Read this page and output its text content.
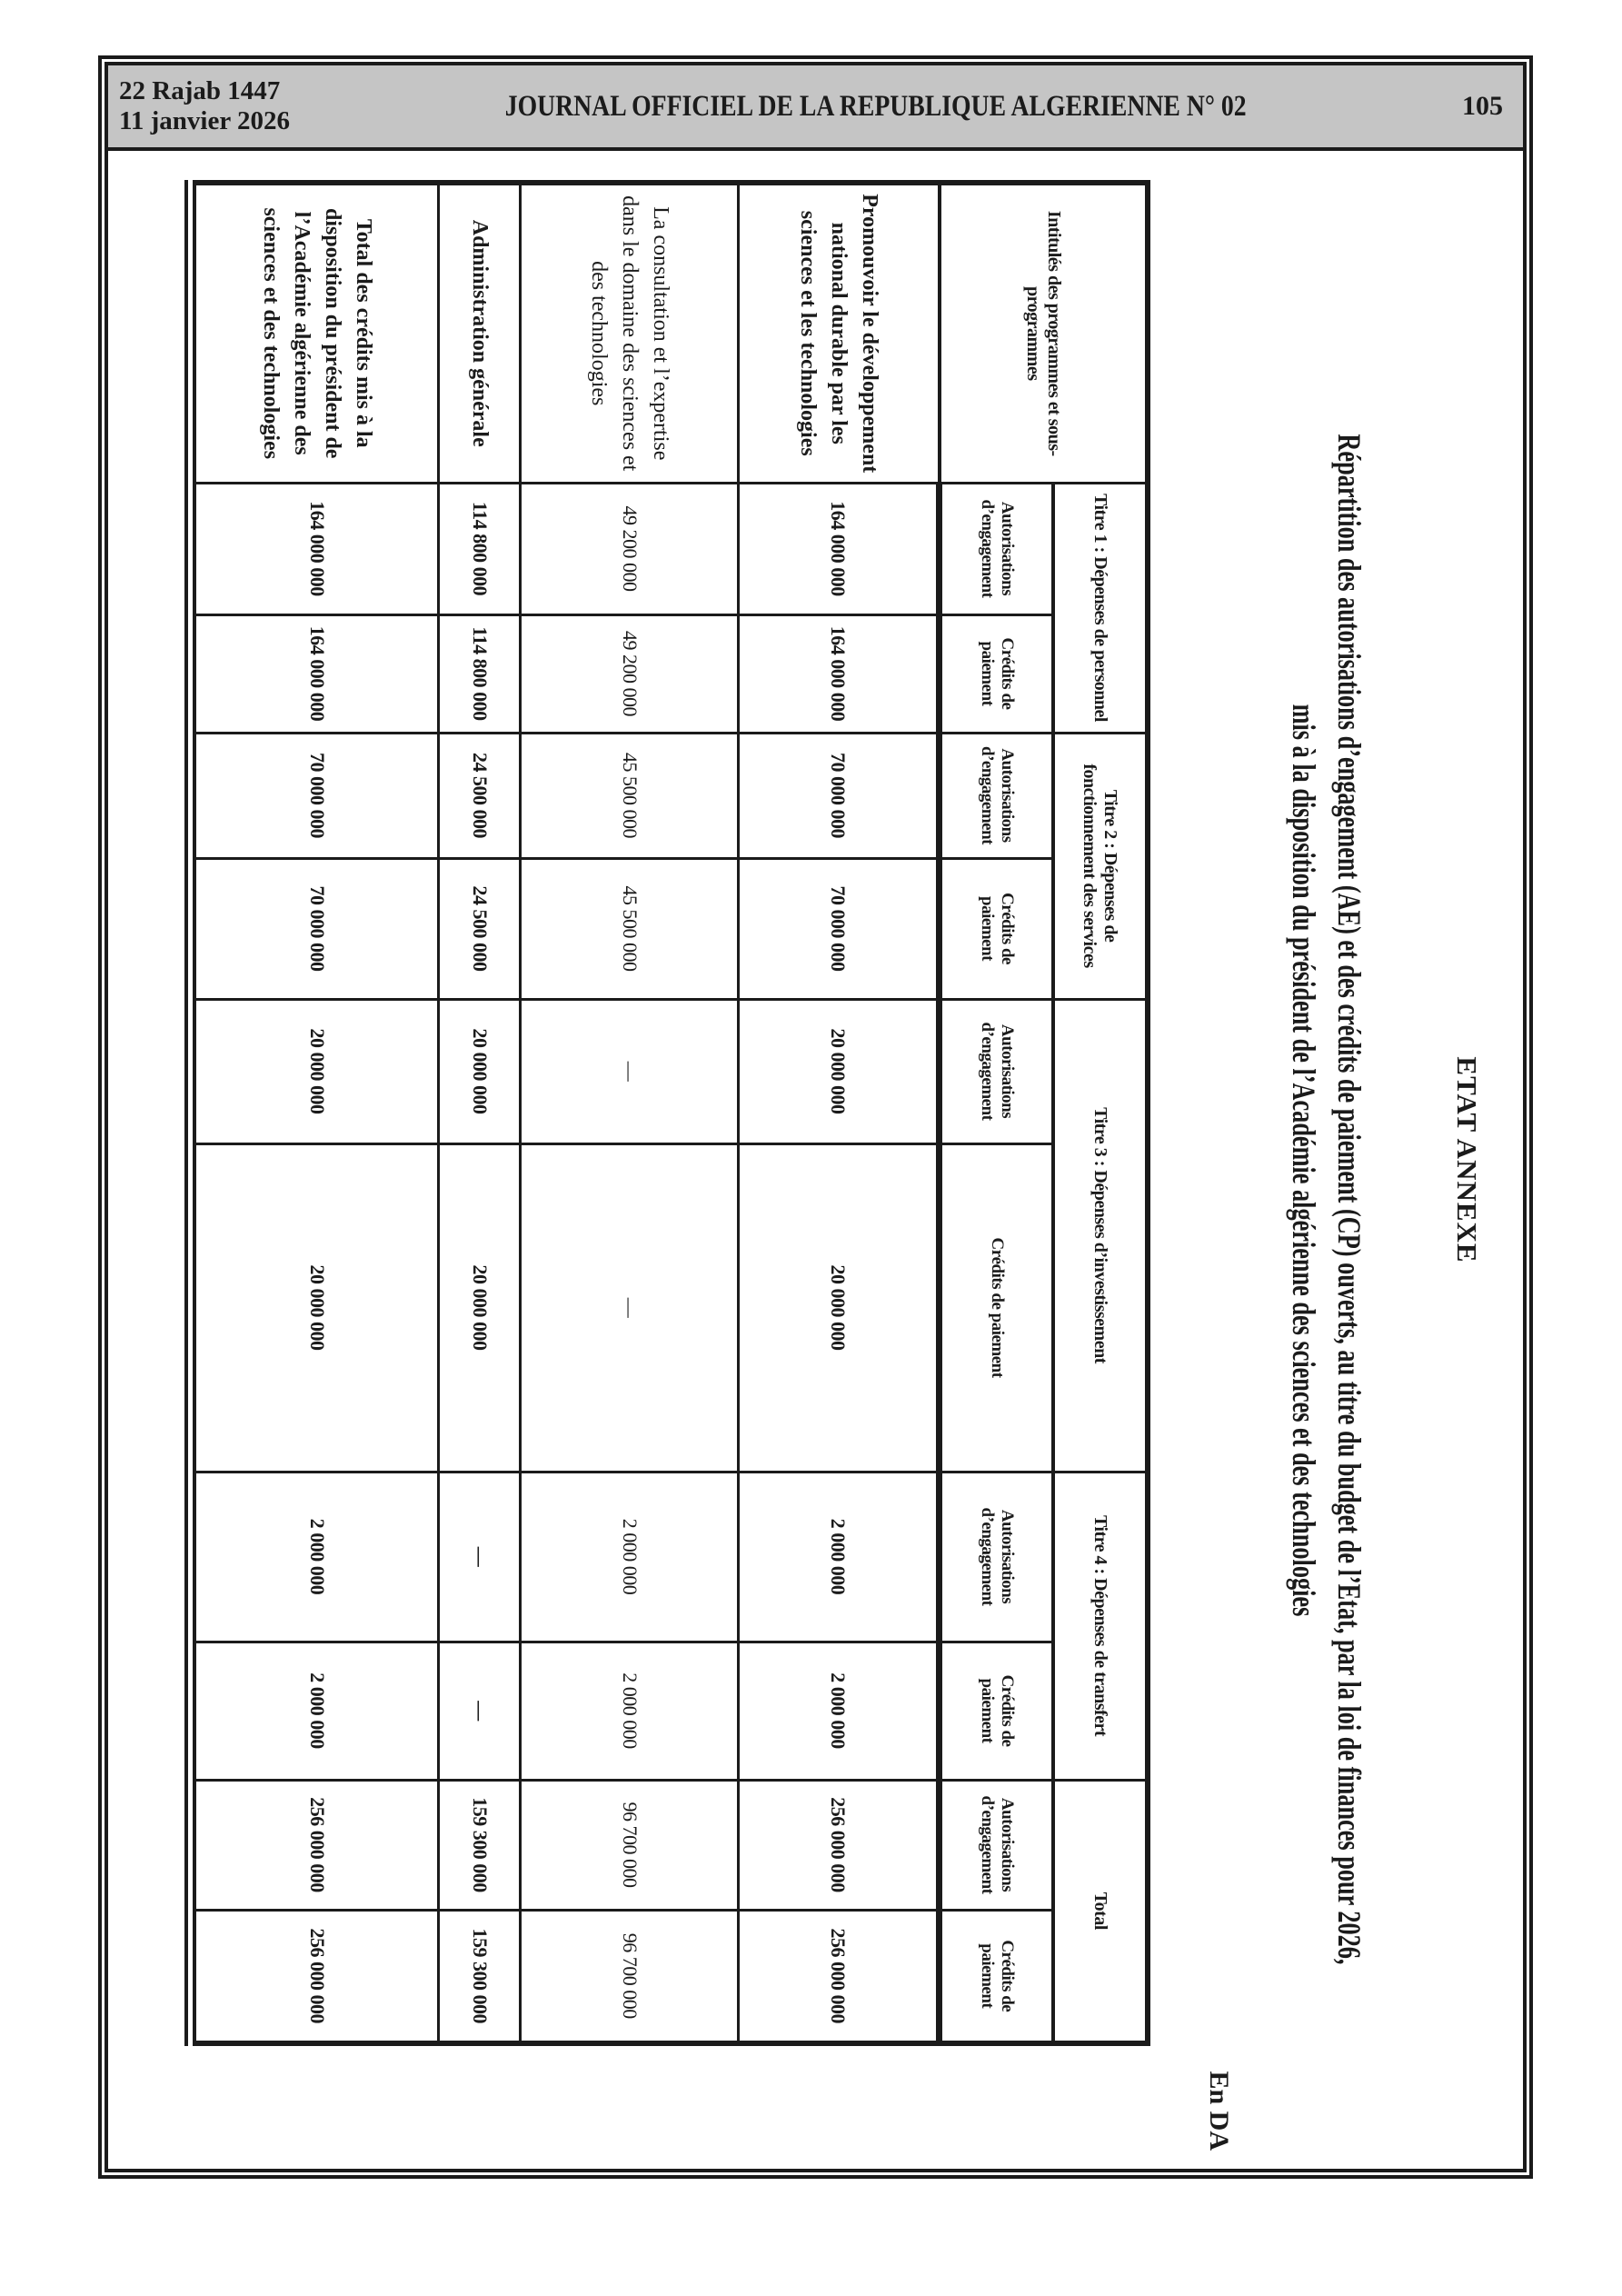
22 Rajab 1447
11 janvier 2026	JOURNAL OFFICIEL DE LA REPUBLIQUE ALGERIENNE N° 02	105
ETAT ANNEXE
Répartition des autorisations d’engagement (AE) et des crédits de paiement (CP) ouverts, au titre du budget de l’Etat, par la loi de finances pour 2026,
mis à la disposition du président de l’Académie algérienne des sciences et des technologies
En DA
Intitulés des programmes et sous-programmes	Titre 1 : Dépenses de personnel		Titre 2 : Dépenses de fonctionnement des services		Titre 3 : Dépenses d’investissement		Titre 4 : Dépenses de transfert		Total	
	Autorisations d’engagement	Crédits de paiement	Autorisations d’engagement	Crédits de paiement	Autorisations d’engagement	Crédits de paiement	Autorisations d’engagement	Crédits de paiement	Autorisations d’engagement	Crédits de paiement
Promouvoir le développement national durable par les sciences et les technologies	164 000 000	164 000 000	70 000 000	70 000 000	20 000 000	20 000 000	2 000 000	2 000 000	256 000 000	256 000 000
La consultation et l’expertise dans le domaine des sciences et des technologies	49 200 000	49 200 000	45 500 000	45 500 000	—	—	2 000 000	2 000 000	96 700 000	96 700 000
Administration générale	114 800 000	114 800 000	24 500 000	24 500 000	20 000 000	20 000 000	—	—	159 300 000	159 300 000
Total des crédits mis à la disposition du président de l’Académie algérienne des sciences et des technologies	164 000 000	164 000 000	70 000 000	70 000 000	20 000 000	20 000 000	2 000 000	2 000 000	256 000 000	256 000 000
